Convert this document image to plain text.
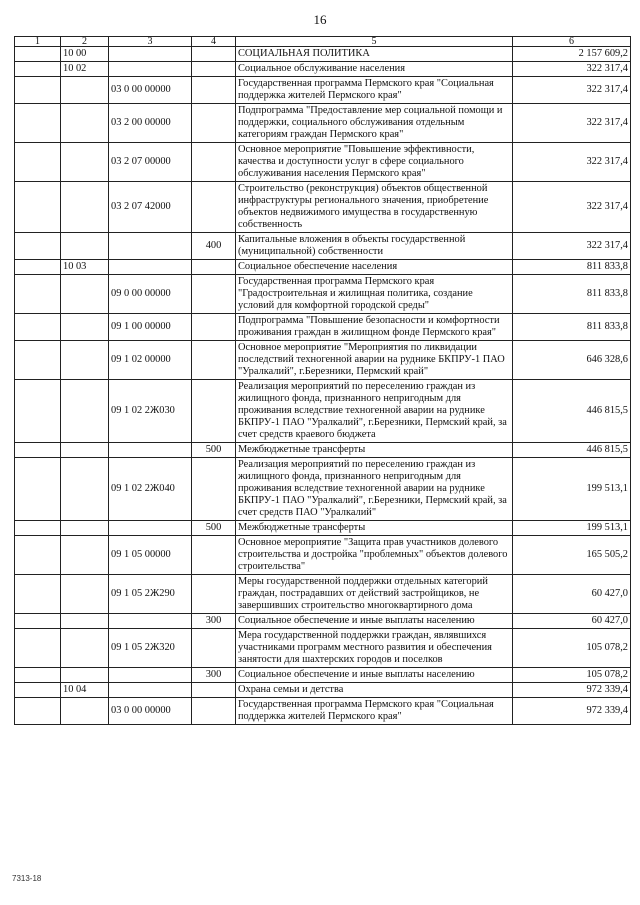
16
1	2	3	4	5	6
	10 00			СОЦИАЛЬНАЯ ПОЛИТИКА	2 157 609,2
	10 02			Социальное обслуживание населения	322 317,4
		03 0 00 00000		Государственная программа Пермского края "Социальная поддержка жителей Пермского края"	322 317,4
		03 2 00 00000		Подпрограмма "Предоставление мер социальной помощи и поддержки, социального обслуживания отдельным категориям граждан Пермского края"	322 317,4
		03 2 07 00000		Основное мероприятие "Повышение эффективности, качества и доступности услуг в сфере социального обслуживания населения Пермского края"	322 317,4
		03 2 07 42000		Строительство (реконструкция) объектов общественной инфраструктуры регионального значения, приобретение объектов недвижимого имущества в государственную собственность	322 317,4
			400	Капитальные вложения в объекты государственной (муниципальной) собственности	322 317,4
	10 03			Социальное обеспечение населения	811 833,8
		09 0 00 00000		Государственная программа Пермского края "Градостроительная и жилищная политика, создание условий для комфортной городской среды"	811 833,8
		09 1 00 00000		Подпрограмма "Повышение безопасности и комфортности проживания граждан в жилищном фонде Пермского края"	811 833,8
		09 1 02 00000		Основное мероприятие "Мероприятия по ликвидации последствий техногенной аварии на руднике БКПРУ-1 ПАО "Уралкалий", г.Березники, Пермский край"	646 328,6
		09 1 02 2Ж030		Реализация мероприятий по переселению граждан из жилищного фонда, признанного непригодным для проживания вследствие техногенной аварии на руднике БКПРУ-1 ПАО "Уралкалий", г.Березники, Пермский край, за счет средств краевого бюджета	446 815,5
			500	Межбюджетные трансферты	446 815,5
		09 1 02 2Ж040		Реализация мероприятий по переселению граждан из жилищного фонда, признанного непригодным для проживания вследствие техногенной аварии на руднике БКПРУ-1 ПАО "Уралкалий", г.Березники, Пермский край, за счет средств ПАО "Уралкалий"	199 513,1
			500	Межбюджетные трансферты	199 513,1
		09 1 05 00000		Основное мероприятие "Защита прав участников долевого строительства и достройка "проблемных" объектов долевого строительства"	165 505,2
		09 1 05 2Ж290		Меры государственной поддержки отдельных категорий граждан, пострадавших от действий застройщиков, не завершивших строительство многоквартирного дома	60 427,0
			300	Социальное обеспечение и иные выплаты населению	60 427,0
		09 1 05 2Ж320		Мера государственной поддержки граждан, являвшихся участниками программ местного развития и обеспечения занятости для шахтерских городов и поселков	105 078,2
			300	Социальное обеспечение и иные выплаты населению	105 078,2
	10 04			Охрана семьи и детства	972 339,4
		03 0 00 00000		Государственная программа Пермского края "Социальная поддержка жителей Пермского края"	972 339,4
7313-18
